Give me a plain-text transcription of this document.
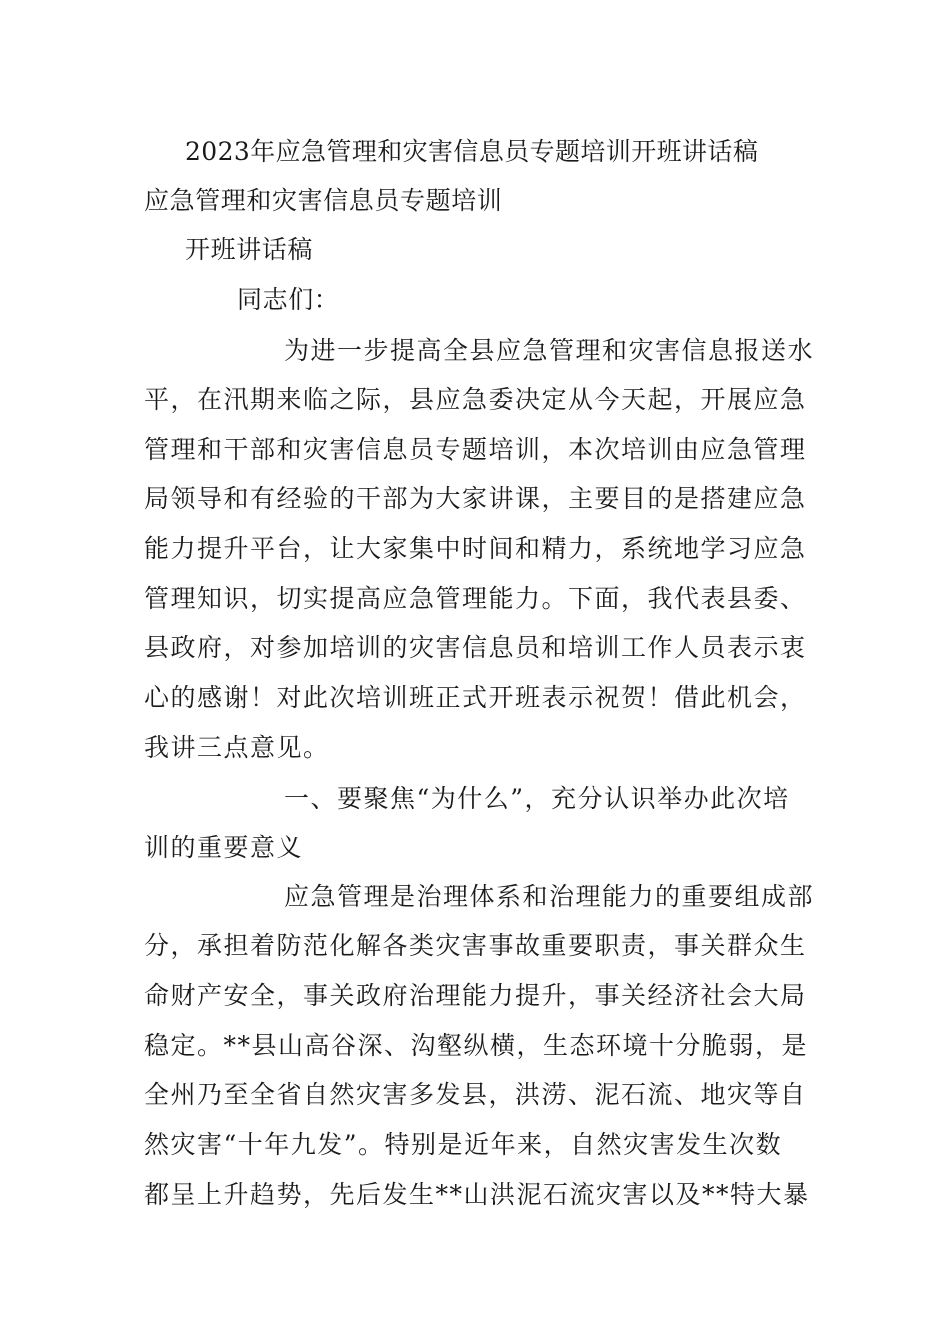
2023年应急管理和灾害信息员专题培训开班讲话稿
应急管理和灾害信息员专题培训
开班讲话稿
同志们：
为进一步提高全县应急管理和灾害信息报送水
平，在汛期来临之际，县应急委决定从今天起，开展应急
管理和干部和灾害信息员专题培训，本次培训由应急管理
局领导和有经验的干部为大家讲课，主要目的是搭建应急
能力提升平台，让大家集中时间和精力，系统地学习应急
管理知识，切实提高应急管理能力。下面，我代表县委、
县政府，对参加培训的灾害信息员和培训工作人员表示衷
心的感谢！对此次培训班正式开班表示祝贺！借此机会，
我讲三点意见。
一、要聚焦“为什么”，充分认识举办此次培
训的重要意义
应急管理是治理体系和治理能力的重要组成部
分，承担着防范化解各类灾害事故重要职责，事关群众生
命财产安全，事关政府治理能力提升，事关经济社会大局
稳定。**县山高谷深、沟壑纵横，生态环境十分脆弱，是
全州乃至全省自然灾害多发县，洪涝、泥石流、地灾等自
然灾害“十年九发”。特别是近年来，自然灾害发生次数
都呈上升趋势，先后发生**山洪泥石流灾害以及**特大暴
